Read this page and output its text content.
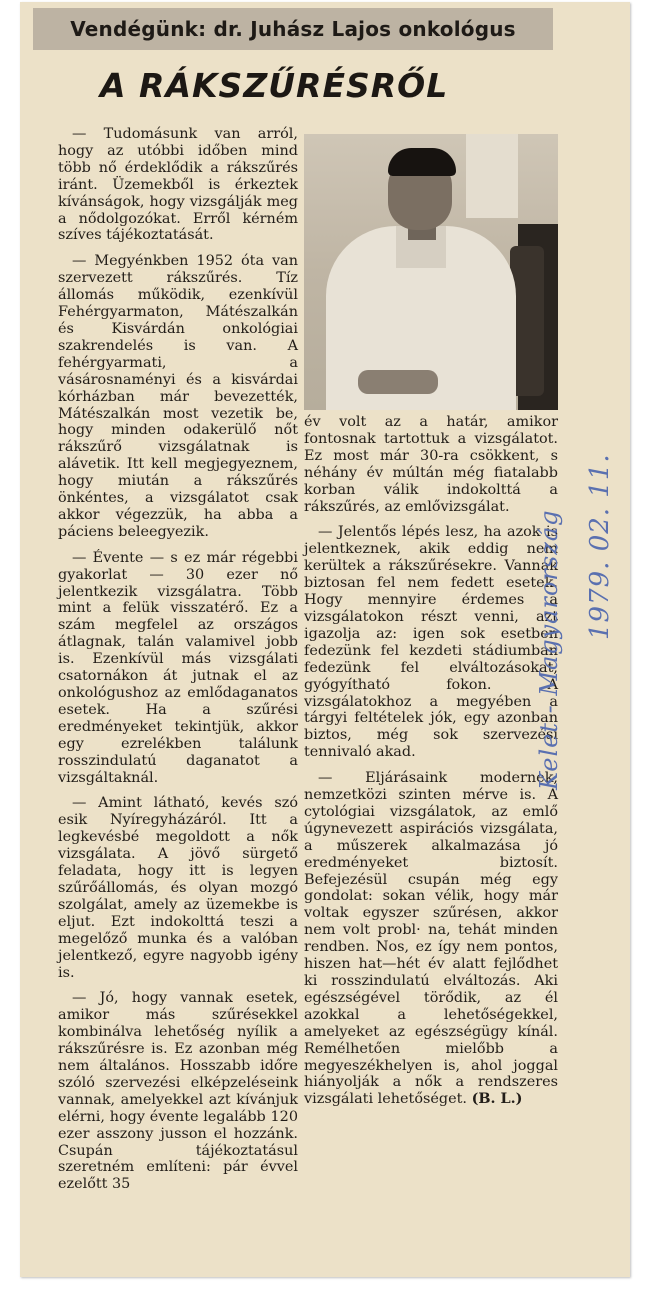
Vendégünk: dr. Juhász Lajos onkológus
A RÁKSZŰRÉSRŐL

— Tudomásunk van arról, hogy az utóbbi időben mind több nő érdeklődik a rákszűrés iránt. Üzemekből is érkeztek kívánságok, hogy vizsgálják meg a nődolgozókat. Erről kérném szíves tájékoztatását.

— Megyénkben 1952 óta van szervezett rákszűrés. Tíz állomás működik, ezenkívül Fehérgyarmaton, Mátészalkán és Kisvárdán onkológiai szakrendelés is van. A fehérgyarmati, a vásárosnaményi és a kisvárdai kórházban már bevezették, Mátészalkán most vezetik be, hogy minden odakerülő nőt rákszűrő vizsgálatnak is alávetik. Itt kell megjegyeznem, hogy miután a rákszűrés önkéntes, a vizsgálatot csak akkor végezzük, ha abba a páciens beleegyezik.

— Évente — s ez már régebbi gyakorlat — 30 ezer nő jelentkezik vizsgálatra. Több mint a felük visszatérő. Ez a szám megfelel az országos átlagnak, talán valamivel jobb is. Ezenkívül más vizsgálati csatornákon át jutnak el az onkológushoz az emlődaganatos esetek. Ha a szűrési eredményeket tekintjük, akkor egy ezrelékben találunk rosszindulatú daganatot a vizsgáltaknál.

— Amint látható, kevés szó esik Nyíregyházáról. Itt a legkevésbé megoldott a nők vizsgálata. A jövő sürgető feladata, hogy itt is legyen szűrőállomás, és olyan mozgó szolgálat, amely az üzemekbe is eljut. Ezt indokolttá teszi a megelőző munka és a valóban jelentkező, egyre nagyobb igény is.

— Jó, hogy vannak esetek, amikor más szűrésekkel kombinálva lehetőség nyílik a rákszűrésre is. Ez azonban még nem általános. Hosszabb időre szóló szervezési elképzeléseink vannak, amelyekkel azt kívánjuk elérni, hogy évente legalább 120 ezer asszony jusson el hozzánk. Csupán tájékoztatásul szeretném említeni: pár évvel ezelőtt 35

év volt az a határ, amikor fontosnak tartottuk a vizsgálatot. Ez most már 30-ra csökkent, s néhány év múltán még fiatalabb korban válik indokolttá a rákszűrés, az emlővizsgálat.

— Jelentős lépés lesz, ha azok is jelentkeznek, akik eddig nem kerültek a rákszűrésekre. Vannak biztosan fel nem fedett esetek. Hogy mennyire érdemes a vizsgálatokon részt venni, azt igazolja az: igen sok esetben fedezünk fel kezdeti stádiumban fedezünk fel elváltozásokat, gyógyítható fokon. A vizsgálatokhoz a megyében a tárgyi feltételek jók, egy azonban biztos, még sok szervezési tennivaló akad.

— Eljárásaink modernek, nemzetközi szinten mérve is. A cytológiai vizsgálatok, az emlő úgynevezett aspirációs vizsgálata, a műszerek alkalmazása jó eredményeket biztosít. Befejezésül csupán még egy gondolat: sokan vélik, hogy már voltak egyszer szűrésen, akkor nem volt probl· na, tehát minden rendben. Nos, ez így nem pontos, hiszen hat—hét év alatt fejlődhet ki rosszindulatú elváltozás. Aki egészségével törődik, az él azokkal a lehetőségekkel, amelyeket az egészségügy kínál. Remélhetően mielőbb a megyeszékhelyen is, ahol joggal hiányolják a nők a rendszeres vizsgálati lehetőséget. (B. L.)

Kelet - Magyarország 1979. 02. 11.
